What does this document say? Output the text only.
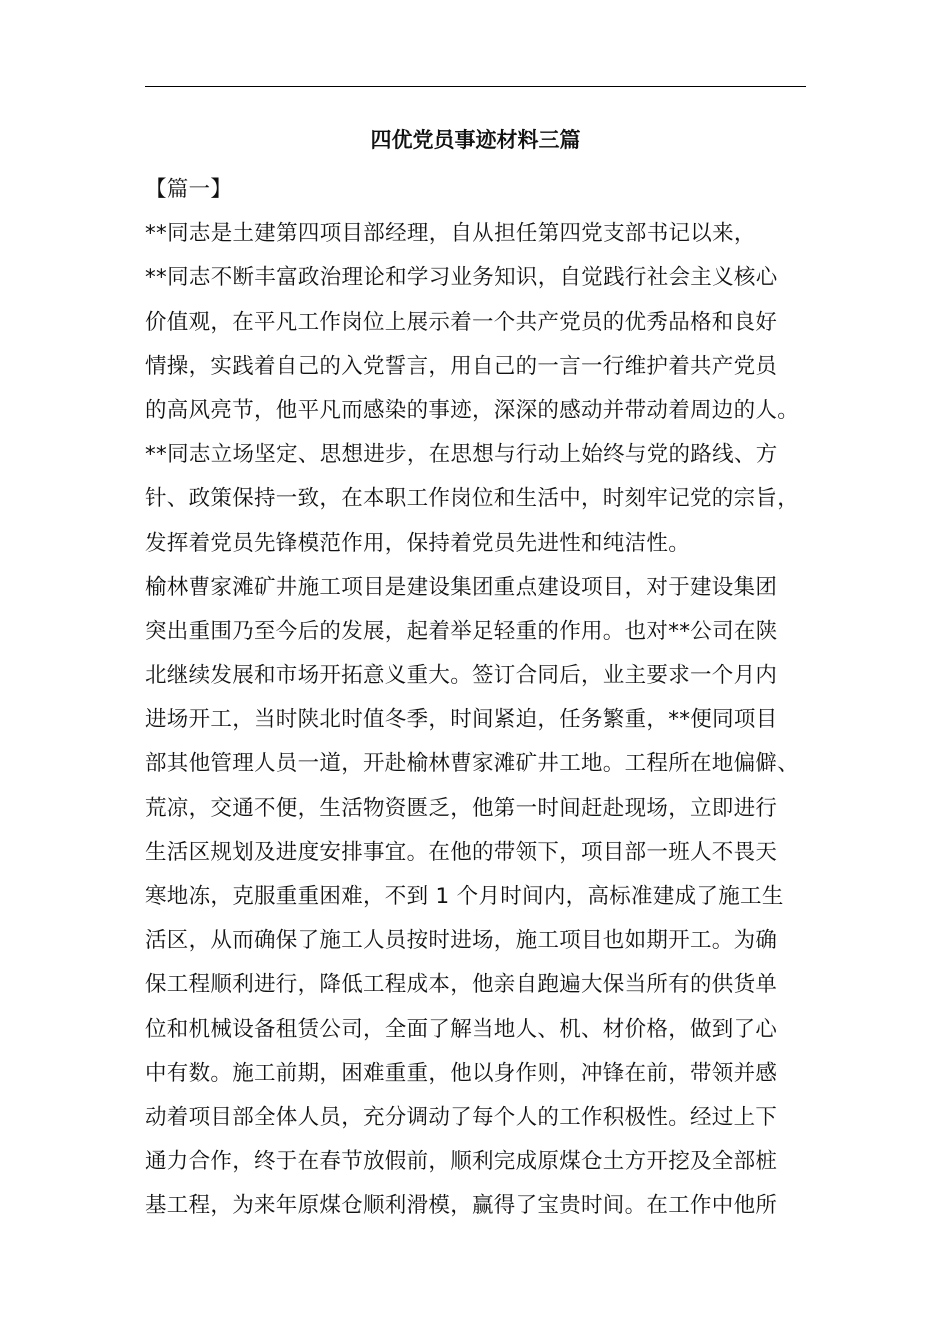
四优党员事迹材料三篇
【篇一】
**同志是土建第四项目部经理，自从担任第四党支部书记以来，
**同志不断丰富政治理论和学习业务知识，自觉践行社会主义核心
价值观，在平凡工作岗位上展示着一个共产党员的优秀品格和良好
情操，实践着自己的入党誓言，用自己的一言一行维护着共产党员
的高风亮节，他平凡而感染的事迹，深深的感动并带动着周边的人。
**同志立场坚定、思想进步，在思想与行动上始终与党的路线、方
针、政策保持一致，在本职工作岗位和生活中，时刻牢记党的宗旨，
发挥着党员先锋模范作用，保持着党员先进性和纯洁性。
榆林曹家滩矿井施工项目是建设集团重点建设项目，对于建设集团
突出重围乃至今后的发展，起着举足轻重的作用。也对**公司在陕
北继续发展和市场开拓意义重大。签订合同后，业主要求一个月内
进场开工，当时陕北时值冬季，时间紧迫，任务繁重，**便同项目
部其他管理人员一道，开赴榆林曹家滩矿井工地。工程所在地偏僻、
荒凉，交通不便，生活物资匮乏，他第一时间赶赴现场，立即进行
生活区规划及进度安排事宜。在他的带领下，项目部一班人不畏天
寒地冻，克服重重困难，不到 1 个月时间内，高标准建成了施工生
活区，从而确保了施工人员按时进场，施工项目也如期开工。为确
保工程顺利进行，降低工程成本，他亲自跑遍大保当所有的供货单
位和机械设备租赁公司，全面了解当地人、机、材价格，做到了心
中有数。施工前期，困难重重，他以身作则，冲锋在前，带领并感
动着项目部全体人员，充分调动了每个人的工作积极性。经过上下
通力合作，终于在春节放假前，顺利完成原煤仓土方开挖及全部桩
基工程，为来年原煤仓顺利滑模，赢得了宝贵时间。在工作中他所
